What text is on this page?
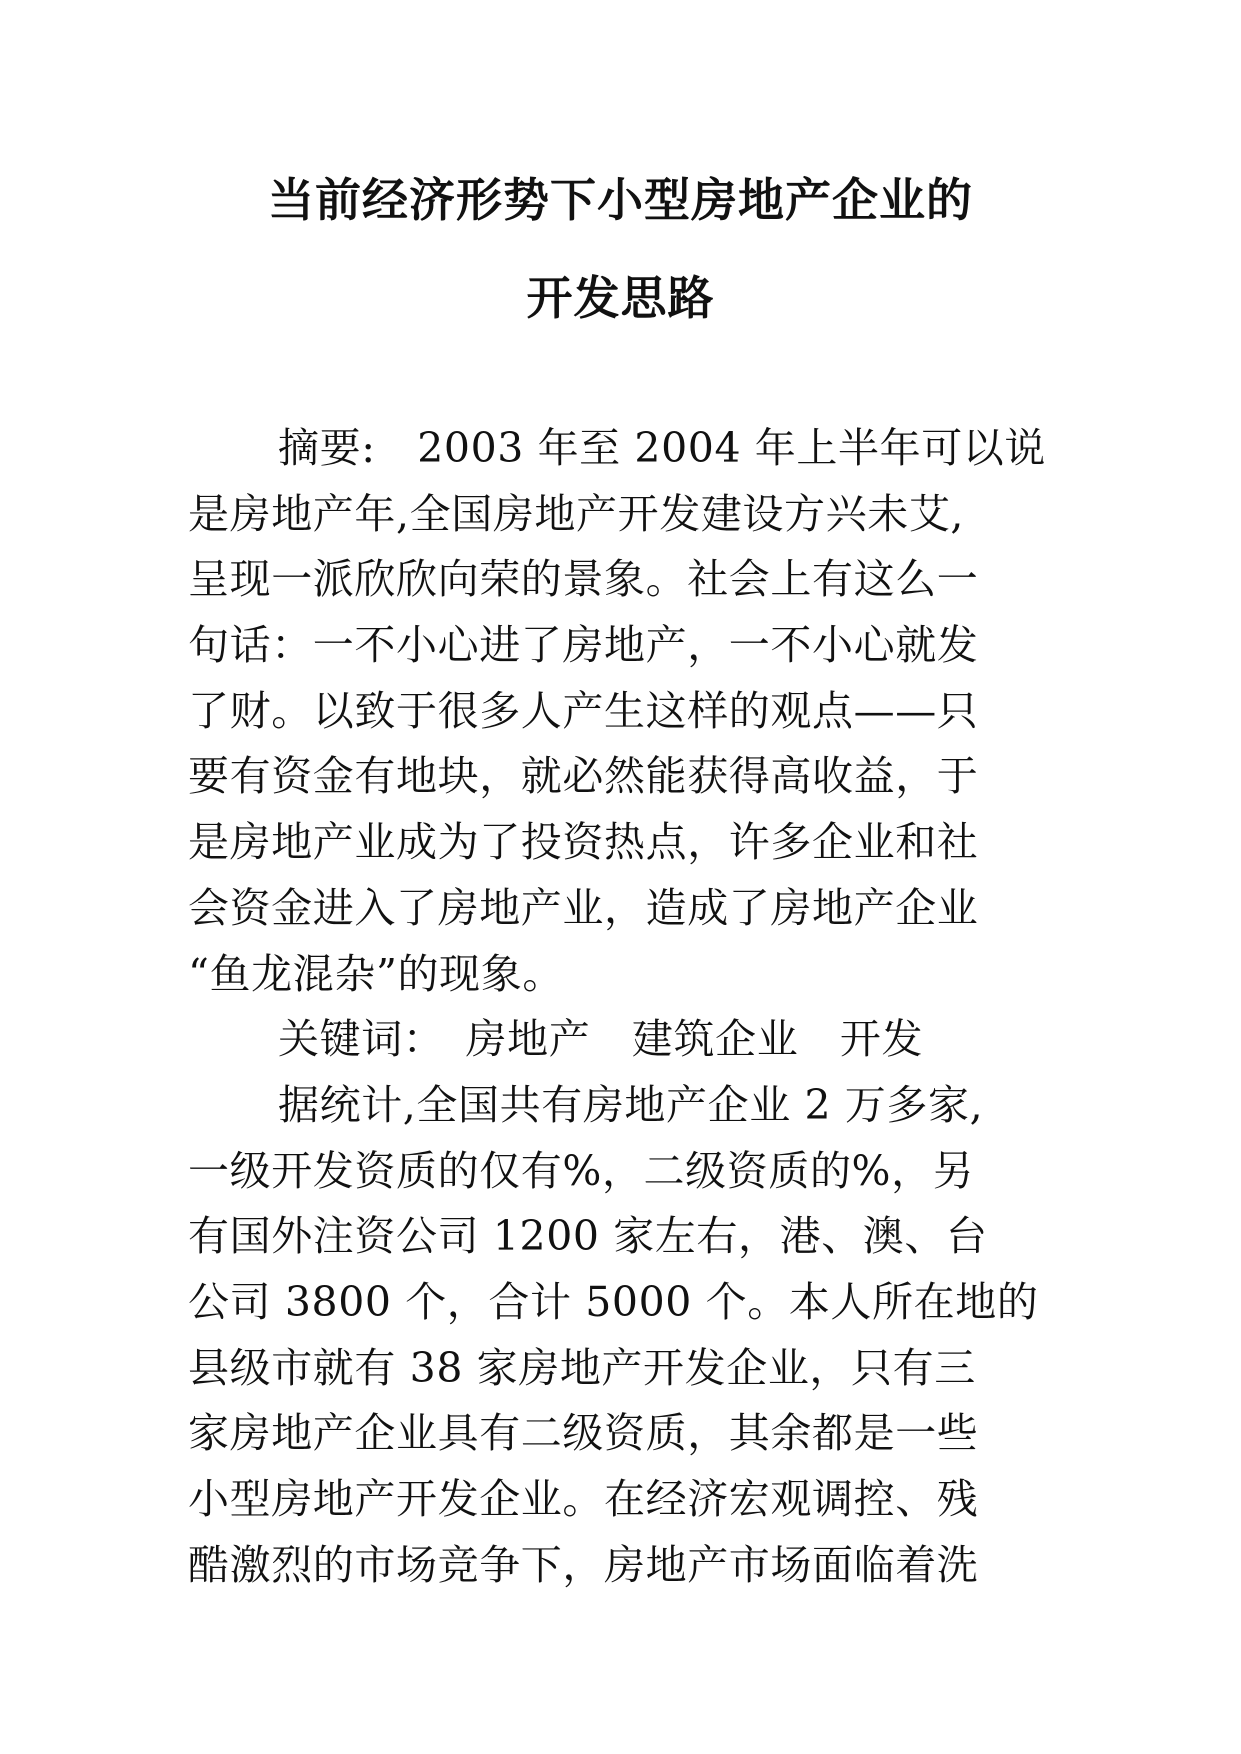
当前经济形势下小型房地产企业的
开发思路
摘要:　2003 年至 2004 年上半年可以说
是房地产年,全国房地产开发建设方兴未艾,
呈现一派欣欣向荣的景象。社会上有这么一
句话：一不小心进了房地产，一不小心就发
了财。以致于很多人产生这样的观点——只
要有资金有地块，就必然能获得高收益，于
是房地产业成为了投资热点，许多企业和社
会资金进入了房地产业，造成了房地产企业
“鱼龙混杂”的现象。
关键词：　房地产　建筑企业　开发
据统计,全国共有房地产企业 2 万多家,
一级开发资质的仅有%，二级资质的%，另
有国外注资公司 1200 家左右，港、澳、台
公司 3800 个，合计 5000 个。本人所在地的
县级市就有 38 家房地产开发企业，只有三
家房地产企业具有二级资质，其余都是一些
小型房地产开发企业。在经济宏观调控、残
酷激烈的市场竞争下，房地产市场面临着洗
